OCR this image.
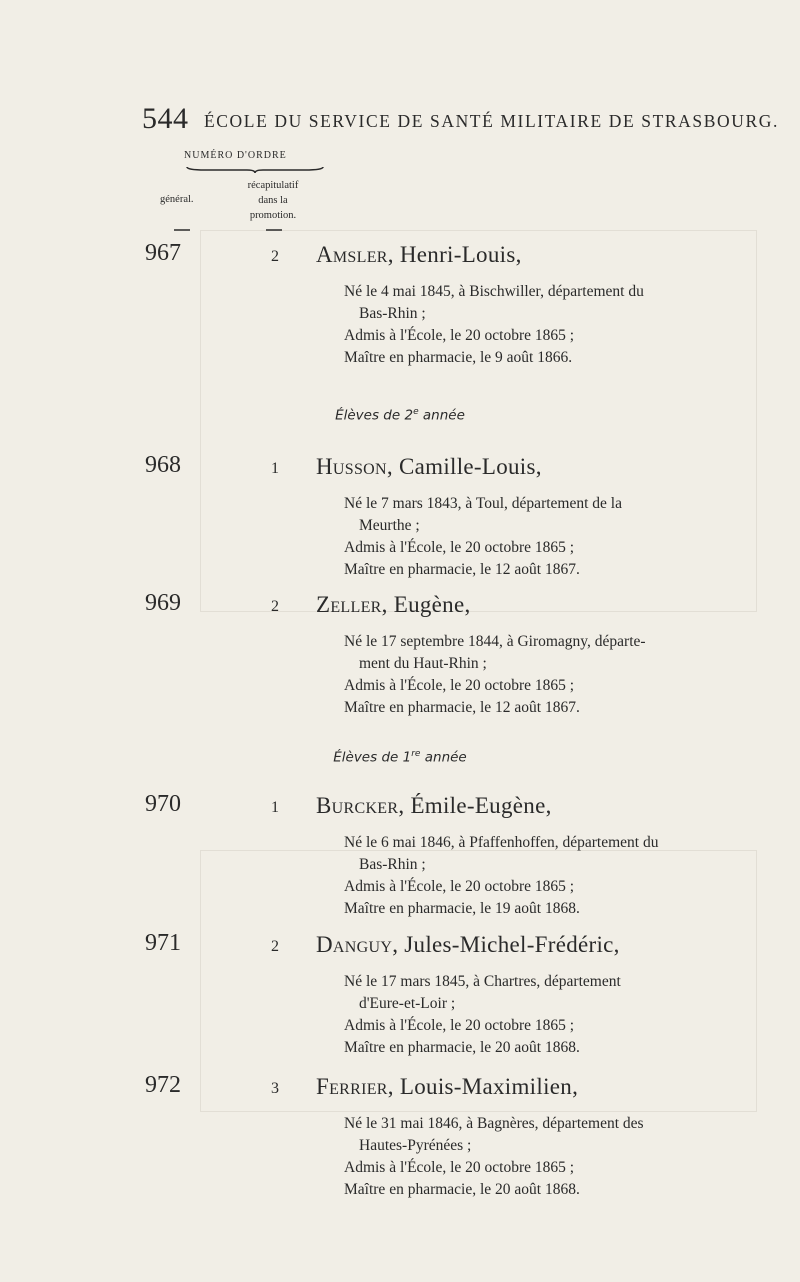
544 ÉCOLE DU SERVICE DE SANTÉ MILITAIRE DE STRASBOURG.
NUMÉRO D'ORDRE
général.
récapitulatif
dans la
promotion.
967	2 Amsler, Henri-Louis,
Né le 4 mai 1845, à Bischwiller, département du
Bas-Rhin ;
Admis à l'École, le 20 octobre 1865 ;
Maître en pharmacie, le 9 août 1866.
Élèves de 2e année
968	1 Husson, Camille-Louis,
Né le 7 mars 1843, à Toul, département de la
Meurthe ;
Admis à l'École, le 20 octobre 1865 ;
Maître en pharmacie, le 12 août 1867.
969	2 Zeller, Eugène,
Né le 17 septembre 1844, à Giromagny, départe-
ment du Haut-Rhin ;
Admis à l'École, le 20 octobre 1865 ;
Maître en pharmacie, le 12 août 1867.
Élèves de 1re année
970	1 Burcker, Émile-Eugène,
Né le 6 mai 1846, à Pfaffenhoffen, département du
Bas-Rhin ;
Admis à l'École, le 20 octobre 1865 ;
Maître en pharmacie, le 19 août 1868.
971	2 Danguy, Jules-Michel-Frédéric,
Né le 17 mars 1845, à Chartres, département
d'Eure-et-Loir ;
Admis à l'École, le 20 octobre 1865 ;
Maître en pharmacie, le 20 août 1868.
972	3 Ferrier, Louis-Maximilien,
Né le 31 mai 1846, à Bagnères, département des
Hautes-Pyrénées ;
Admis à l'École, le 20 octobre 1865 ;
Maître en pharmacie, le 20 août 1868.
